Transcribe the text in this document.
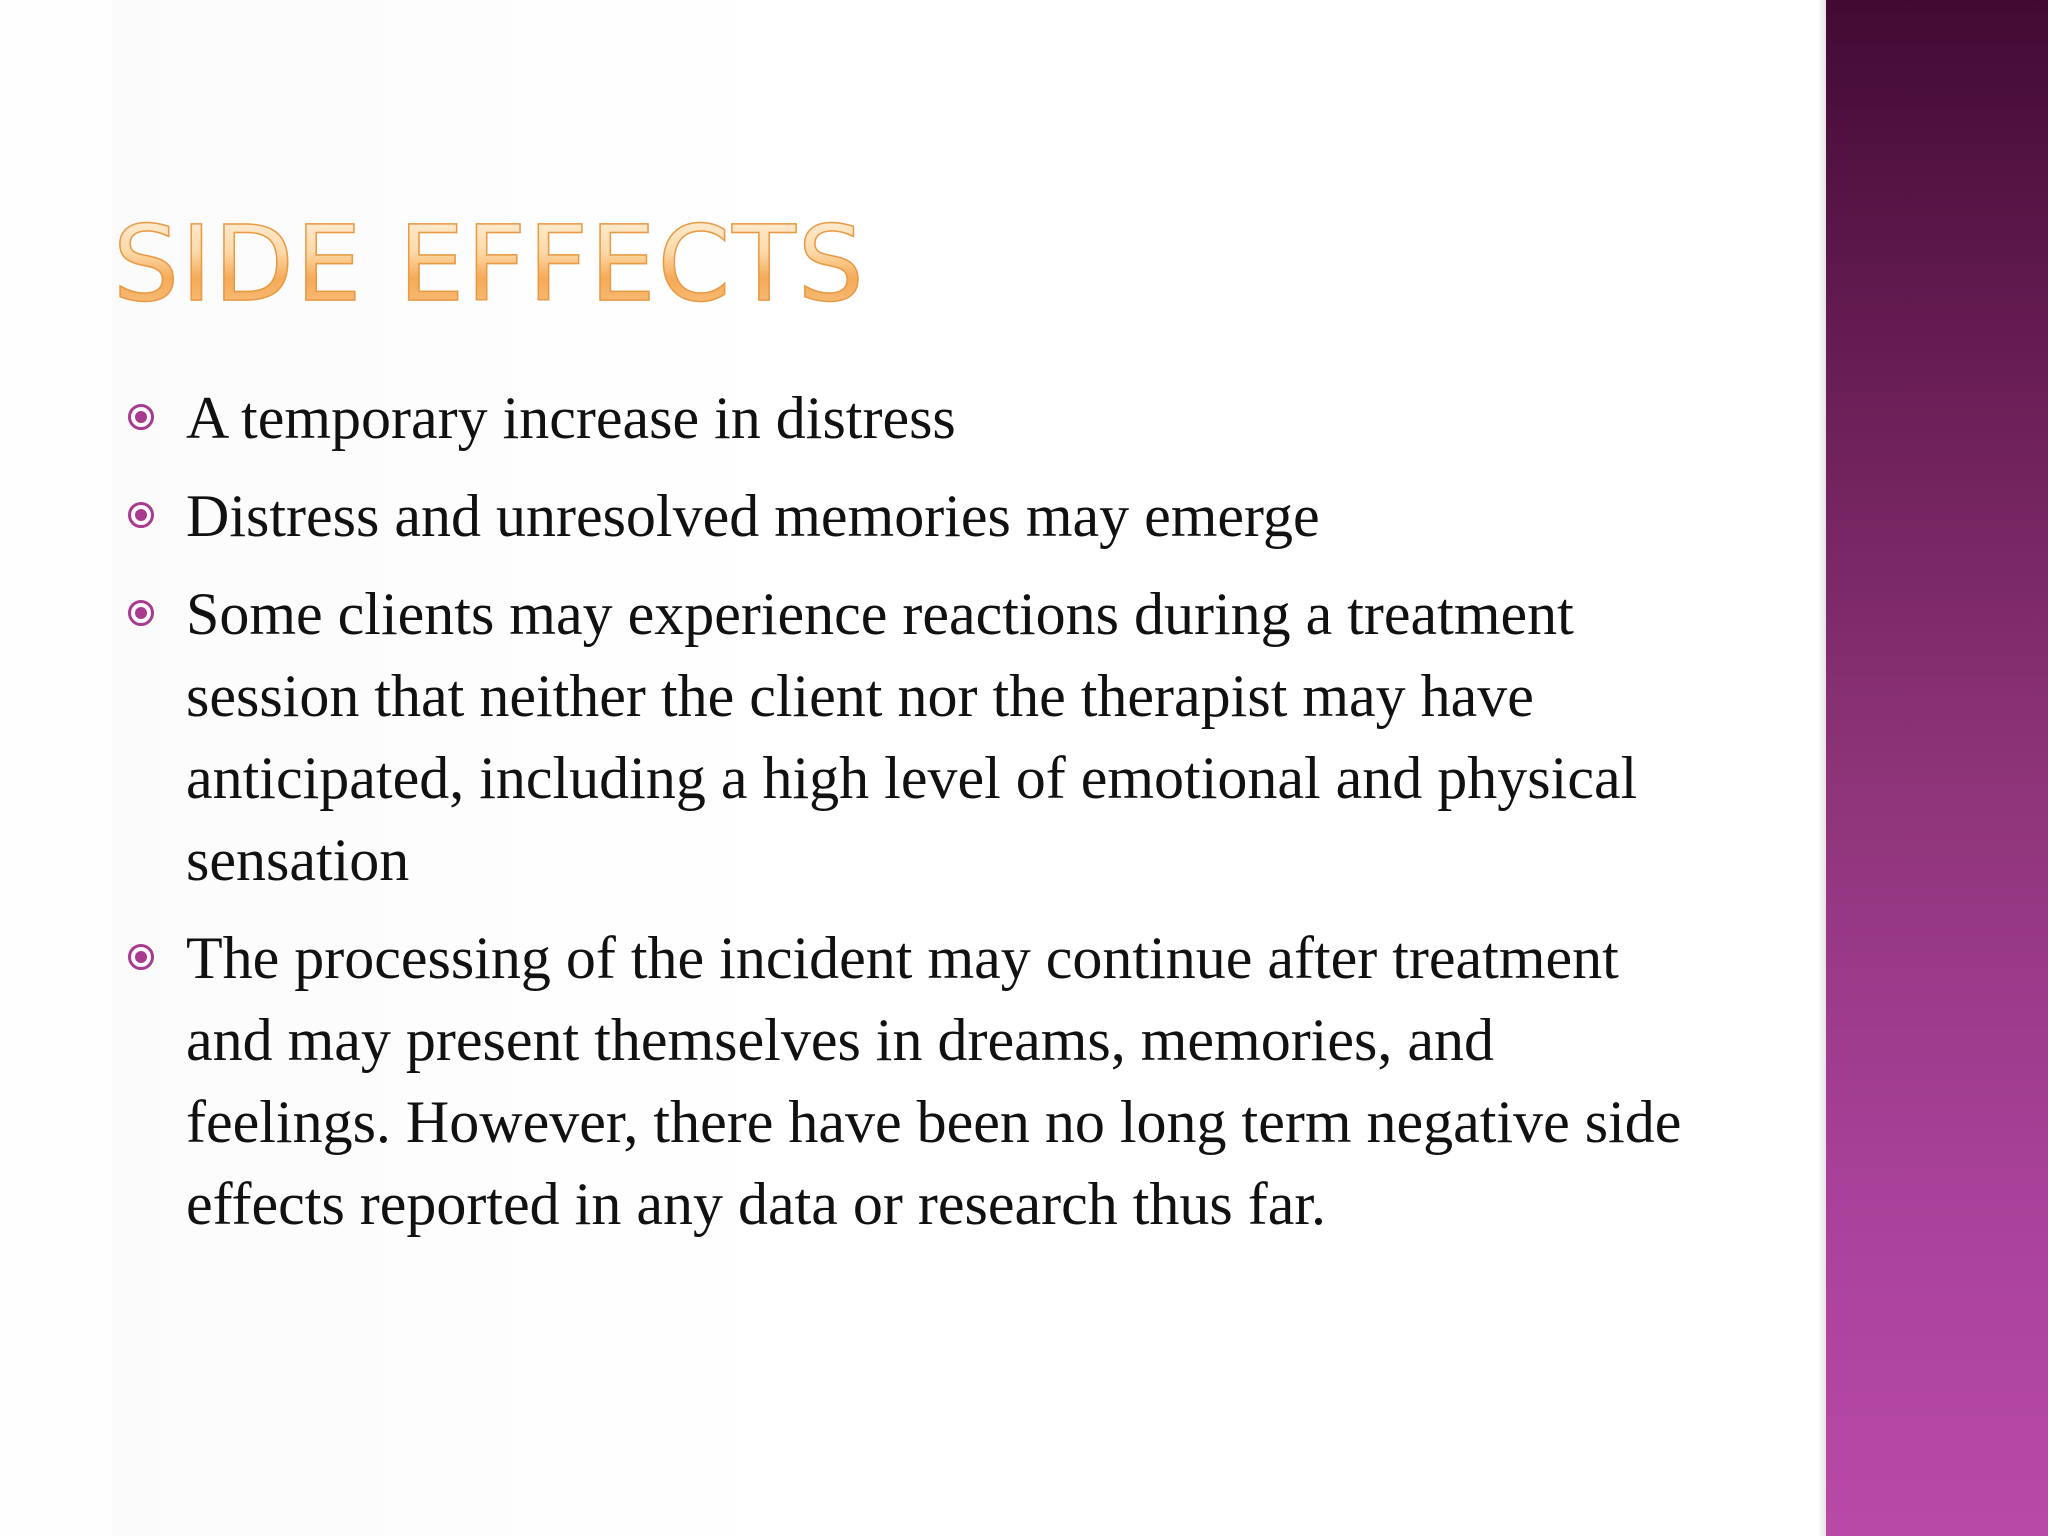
SIDE EFFECTS
A temporary increase in distress
Distress and unresolved memories may emerge
Some clients may experience reactions during a treatment session that neither the client nor the therapist may have anticipated, including a high level of emotional and physical sensation
The processing of the incident may continue after treatment and may present themselves in dreams, memories, and feelings. However, there have been no long term negative side effects reported in any data or research thus far.
